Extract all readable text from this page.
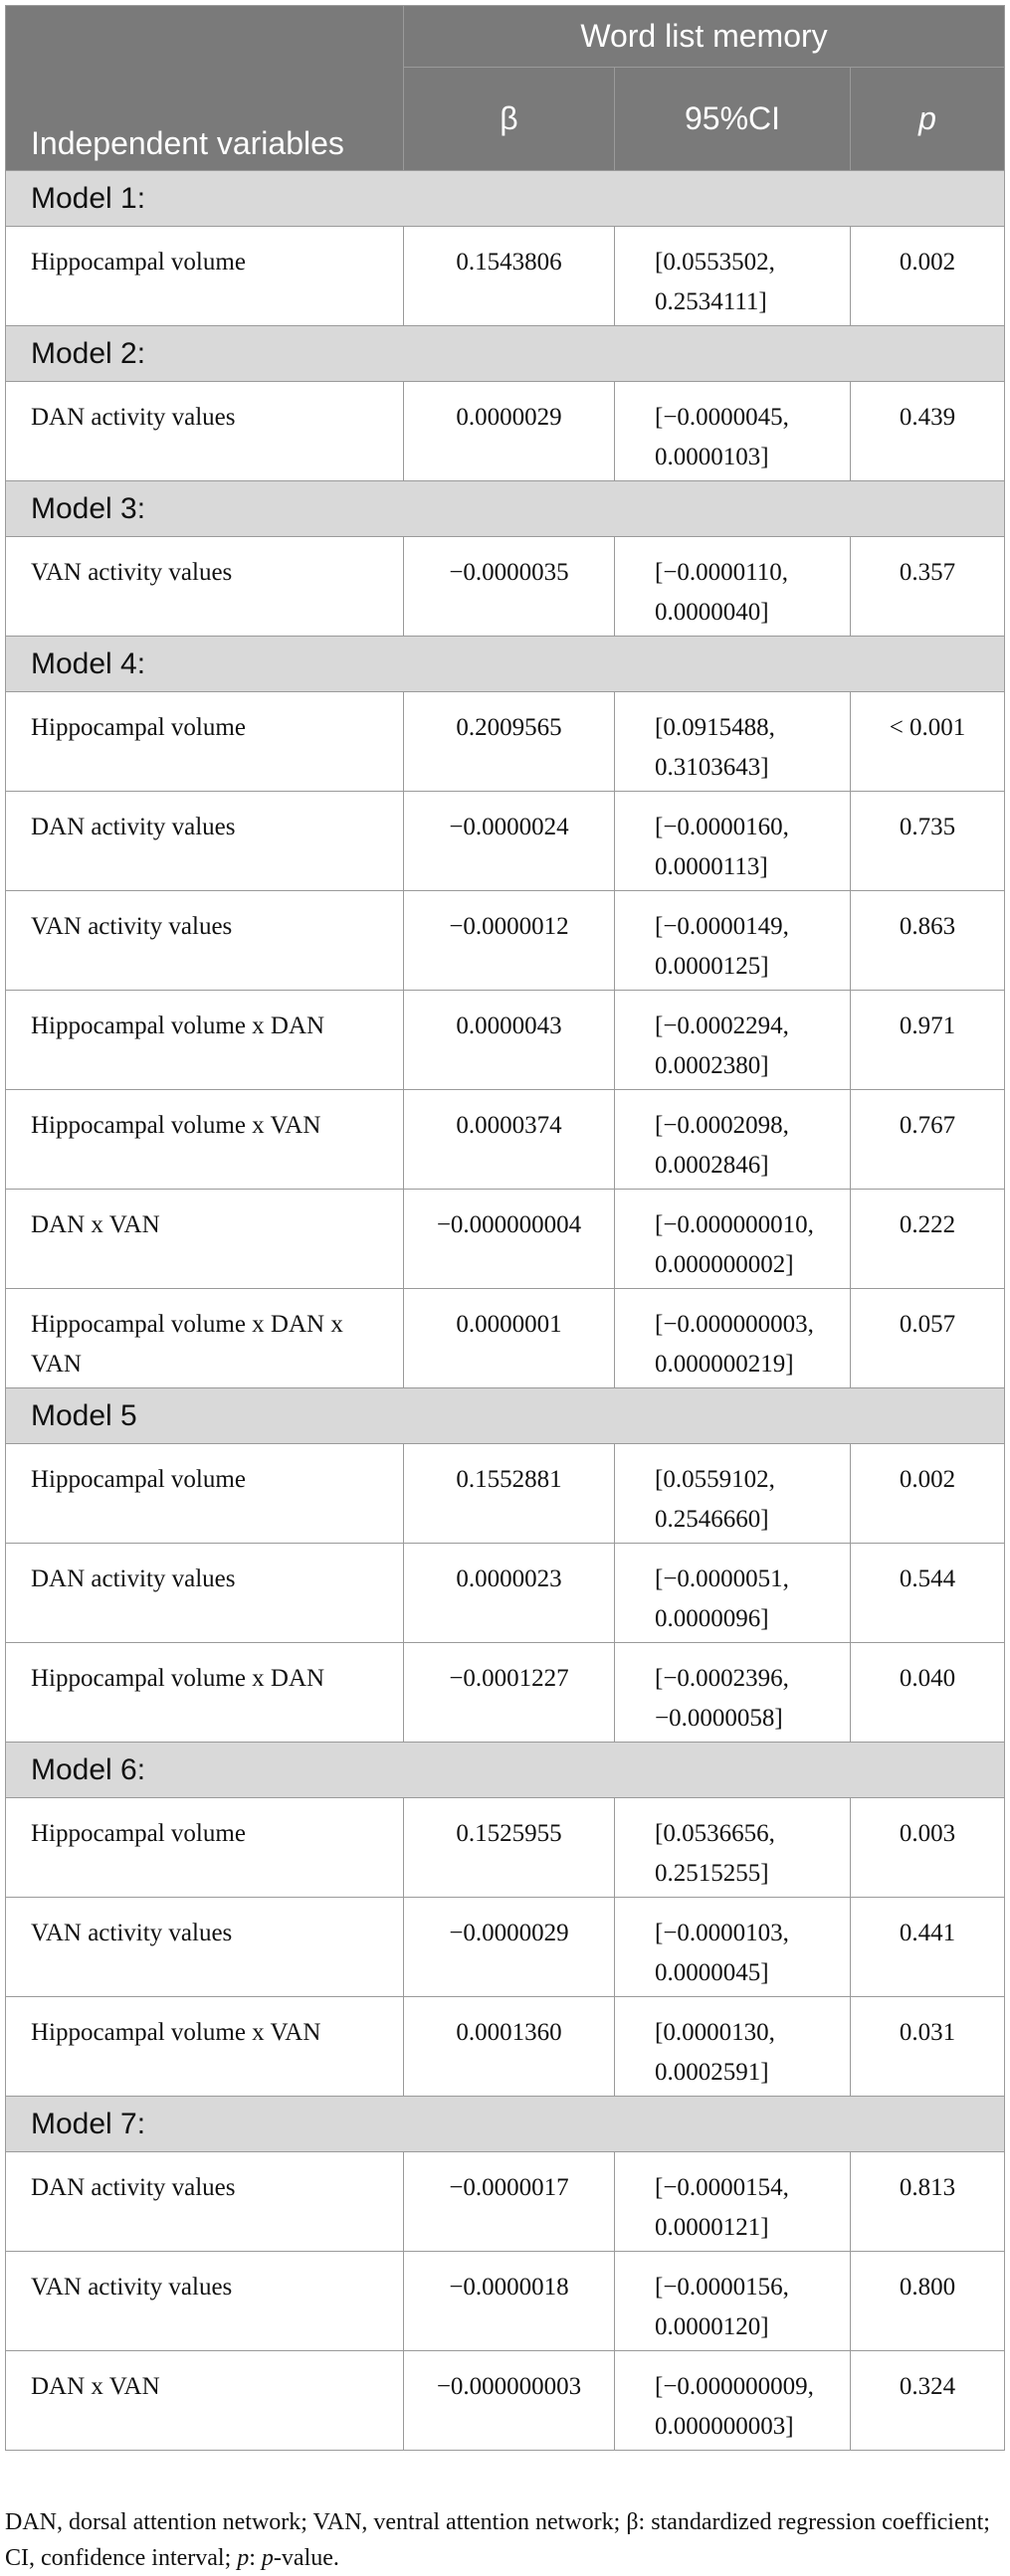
Independent variables	Word list memory		
	β	95%CI	p
Model 1:			
Hippocampal volume	0.1543806	[0.0553502,
0.2534111]	0.002
Model 2:			
DAN activity values	0.0000029	[−0.0000045,
0.0000103]	0.439
Model 3:			
VAN activity values	−0.0000035	[−0.0000110,
0.0000040]	0.357
Model 4:			
Hippocampal volume	0.2009565	[0.0915488,
0.3103643]	< 0.001
DAN activity values	−0.0000024	[−0.0000160,
0.0000113]	0.735
VAN activity values	−0.0000012	[−0.0000149,
0.0000125]	0.863
Hippocampal volume x DAN	0.0000043	[−0.0002294,
0.0002380]	0.971
Hippocampal volume x VAN	0.0000374	[−0.0002098,
0.0002846]	0.767
DAN x VAN	−0.000000004	[−0.000000010,
0.000000002]	0.222
Hippocampal volume x DAN x VAN	0.0000001	[−0.000000003,
0.000000219]	0.057
Model 5			
Hippocampal volume	0.1552881	[0.0559102,
0.2546660]	0.002
DAN activity values	0.0000023	[−0.0000051,
0.0000096]	0.544
Hippocampal volume x DAN	−0.0001227	[−0.0002396,
−0.0000058]	0.040
Model 6:			
Hippocampal volume	0.1525955	[0.0536656,
0.2515255]	0.003
VAN activity values	−0.0000029	[−0.0000103,
0.0000045]	0.441
Hippocampal volume x VAN	0.0001360	[0.0000130,
0.0002591]	0.031
Model 7:			
DAN activity values	−0.0000017	[−0.0000154,
0.0000121]	0.813
VAN activity values	−0.0000018	[−0.0000156,
0.0000120]	0.800
DAN x VAN	−0.000000003	[−0.000000009,
0.000000003]	0.324
DAN, dorsal attention network; VAN, ventral attention network; β: standardized regression coefficient; CI, confidence interval; p: p-value.
